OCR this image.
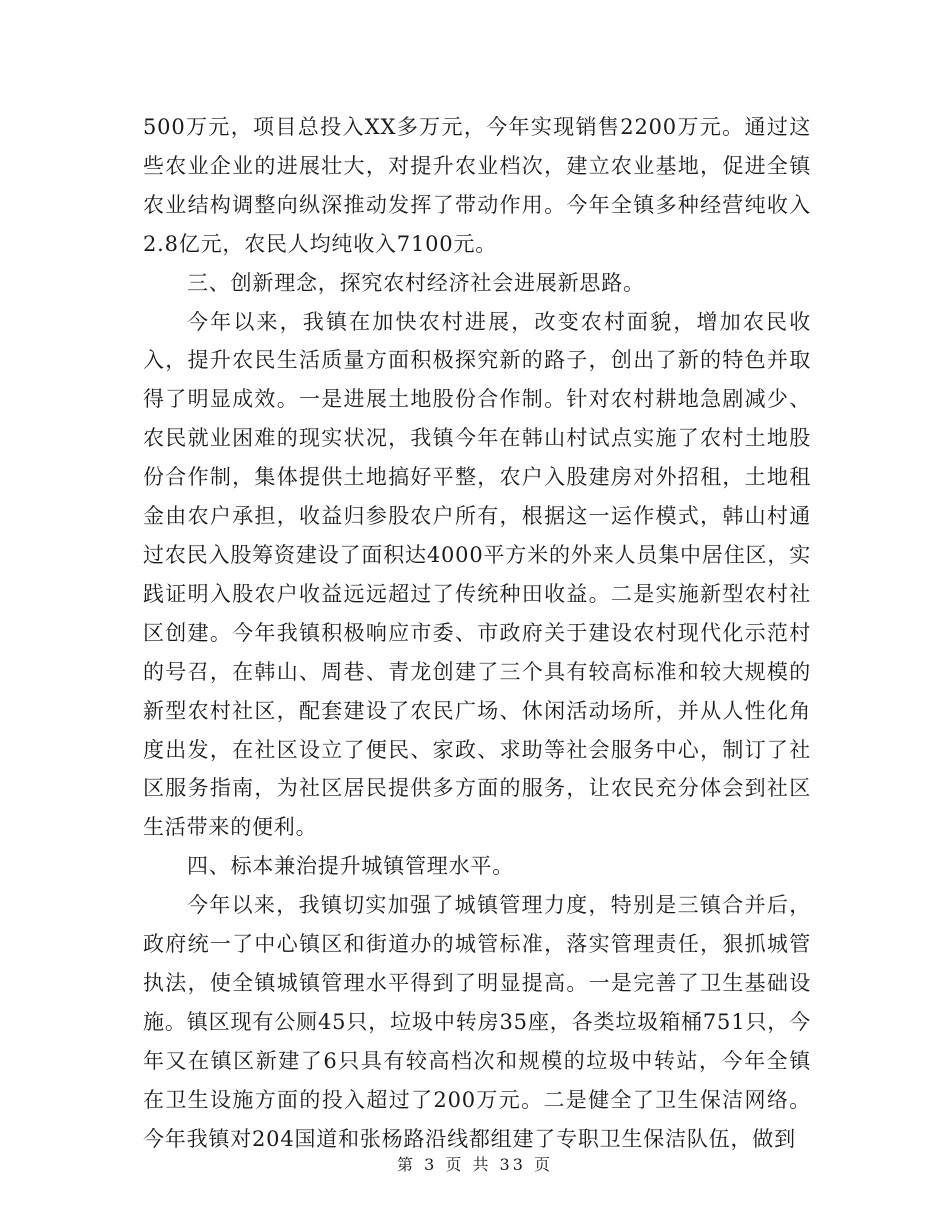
500万元，项目总投入XX多万元，今年实现销售2200万元。通过这些农业企业的进展壮大，对提升农业档次，建立农业基地，促进全镇农业结构调整向纵深推动发挥了带动作用。今年全镇多种经营纯收入2.8亿元，农民人均纯收入7100元。

三、创新理念，探究农村经济社会进展新思路。

今年以来，我镇在加快农村进展，改变农村面貌，增加农民收入，提升农民生活质量方面积极探究新的路子，创出了新的特色并取得了明显成效。一是进展土地股份合作制。针对农村耕地急剧减少、农民就业困难的现实状况，我镇今年在韩山村试点实施了农村土地股份合作制，集体提供土地搞好平整，农户入股建房对外招租，土地租金由农户承担，收益归参股农户所有，根据这一运作模式，韩山村通过农民入股筹资建设了面积达4000平方米的外来人员集中居住区，实践证明入股农户收益远远超过了传统种田收益。二是实施新型农村社区创建。今年我镇积极响应市委、市政府关于建设农村现代化示范村的号召，在韩山、周巷、青龙创建了三个具有较高标准和较大规模的新型农村社区，配套建设了农民广场、休闲活动场所，并从人性化角度出发，在社区设立了便民、家政、求助等社会服务中心，制订了社区服务指南，为社区居民提供多方面的服务，让农民充分体会到社区生活带来的便利。

四、标本兼治提升城镇管理水平。

今年以来，我镇切实加强了城镇管理力度，特别是三镇合并后，政府统一了中心镇区和街道办的城管标准，落实管理责任，狠抓城管执法，使全镇城镇管理水平得到了明显提高。一是完善了卫生基础设施。镇区现有公厕45只，垃圾中转房35座，各类垃圾箱桶751只，今年又在镇区新建了6只具有较高档次和规模的垃圾中转站，今年全镇在卫生设施方面的投入超过了200万元。二是健全了卫生保洁网络。今年我镇对204国道和张杨路沿线都组建了专职卫生保洁队伍，做到

第 3 页 共 33 页
